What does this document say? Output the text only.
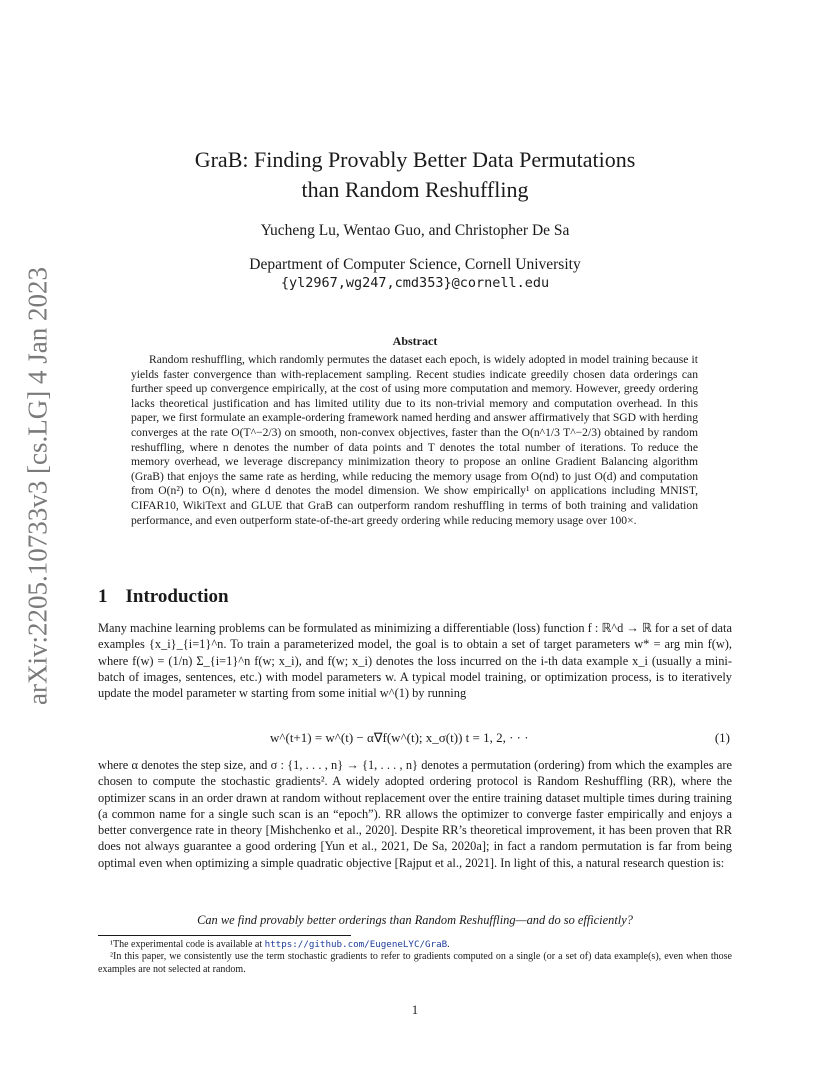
arXiv:2205.10733v3 [cs.LG] 4 Jan 2023
GraB: Finding Provably Better Data Permutations
than Random Reshuffling
Yucheng Lu, Wentao Guo, and Christopher De Sa
Department of Computer Science, Cornell University
{yl2967,wg247,cmd353}@cornell.edu
Abstract
Random reshuffling, which randomly permutes the dataset each epoch, is widely adopted in model training because it yields faster convergence than with-replacement sampling. Recent studies indicate greedily chosen data orderings can further speed up convergence empirically, at the cost of using more computation and memory. However, greedy ordering lacks theoretical justification and has limited utility due to its non-trivial memory and computation overhead. In this paper, we first formulate an example-ordering framework named herding and answer affirmatively that SGD with herding converges at the rate O(T^−2/3) on smooth, non-convex objectives, faster than the O(n^1/3 T^−2/3) obtained by random reshuffling, where n denotes the number of data points and T denotes the total number of iterations. To reduce the memory overhead, we leverage discrepancy minimization theory to propose an online Gradient Balancing algorithm (GraB) that enjoys the same rate as herding, while reducing the memory usage from O(nd) to just O(d) and computation from O(n²) to O(n), where d denotes the model dimension. We show empirically¹ on applications including MNIST, CIFAR10, WikiText and GLUE that GraB can outperform random reshuffling in terms of both training and validation performance, and even outperform state-of-the-art greedy ordering while reducing memory usage over 100×.
1 Introduction
Many machine learning problems can be formulated as minimizing a differentiable (loss) function f : ℝ^d → ℝ for a set of data examples {x_i}_{i=1}^n. To train a parameterized model, the goal is to obtain a set of target parameters w* = arg min f(w), where f(w) = (1/n) Σ_{i=1}^n f(w; x_i), and f(w; x_i) denotes the loss incurred on the i-th data example x_i (usually a mini-batch of images, sentences, etc.) with model parameters w. A typical model training, or optimization process, is to iteratively update the model parameter w starting from some initial w^(1) by running
w^(t+1) = w^(t) − α∇f(w^(t); x_σ(t)) t = 1, 2, · · ·	(1)
where α denotes the step size, and σ : {1, . . . , n} → {1, . . . , n} denotes a permutation (ordering) from which the examples are chosen to compute the stochastic gradients². A widely adopted ordering protocol is Random Reshuffling (RR), where the optimizer scans in an order drawn at random without replacement over the entire training dataset multiple times during training (a common name for a single such scan is an “epoch”). RR allows the optimizer to converge faster empirically and enjoys a better convergence rate in theory [Mishchenko et al., 2020]. Despite RR’s theoretical improvement, it has been proven that RR does not always guarantee a good ordering [Yun et al., 2021, De Sa, 2020a]; in fact a random permutation is far from being optimal even when optimizing a simple quadratic objective [Rajput et al., 2021]. In light of this, a natural research question is:
Can we find provably better orderings than Random Reshuffling—and do so efficiently?
¹The experimental code is available at https://github.com/EugeneLYC/GraB.
²In this paper, we consistently use the term stochastic gradients to refer to gradients computed on a single (or a set of) data example(s), even when those examples are not selected at random.
1
